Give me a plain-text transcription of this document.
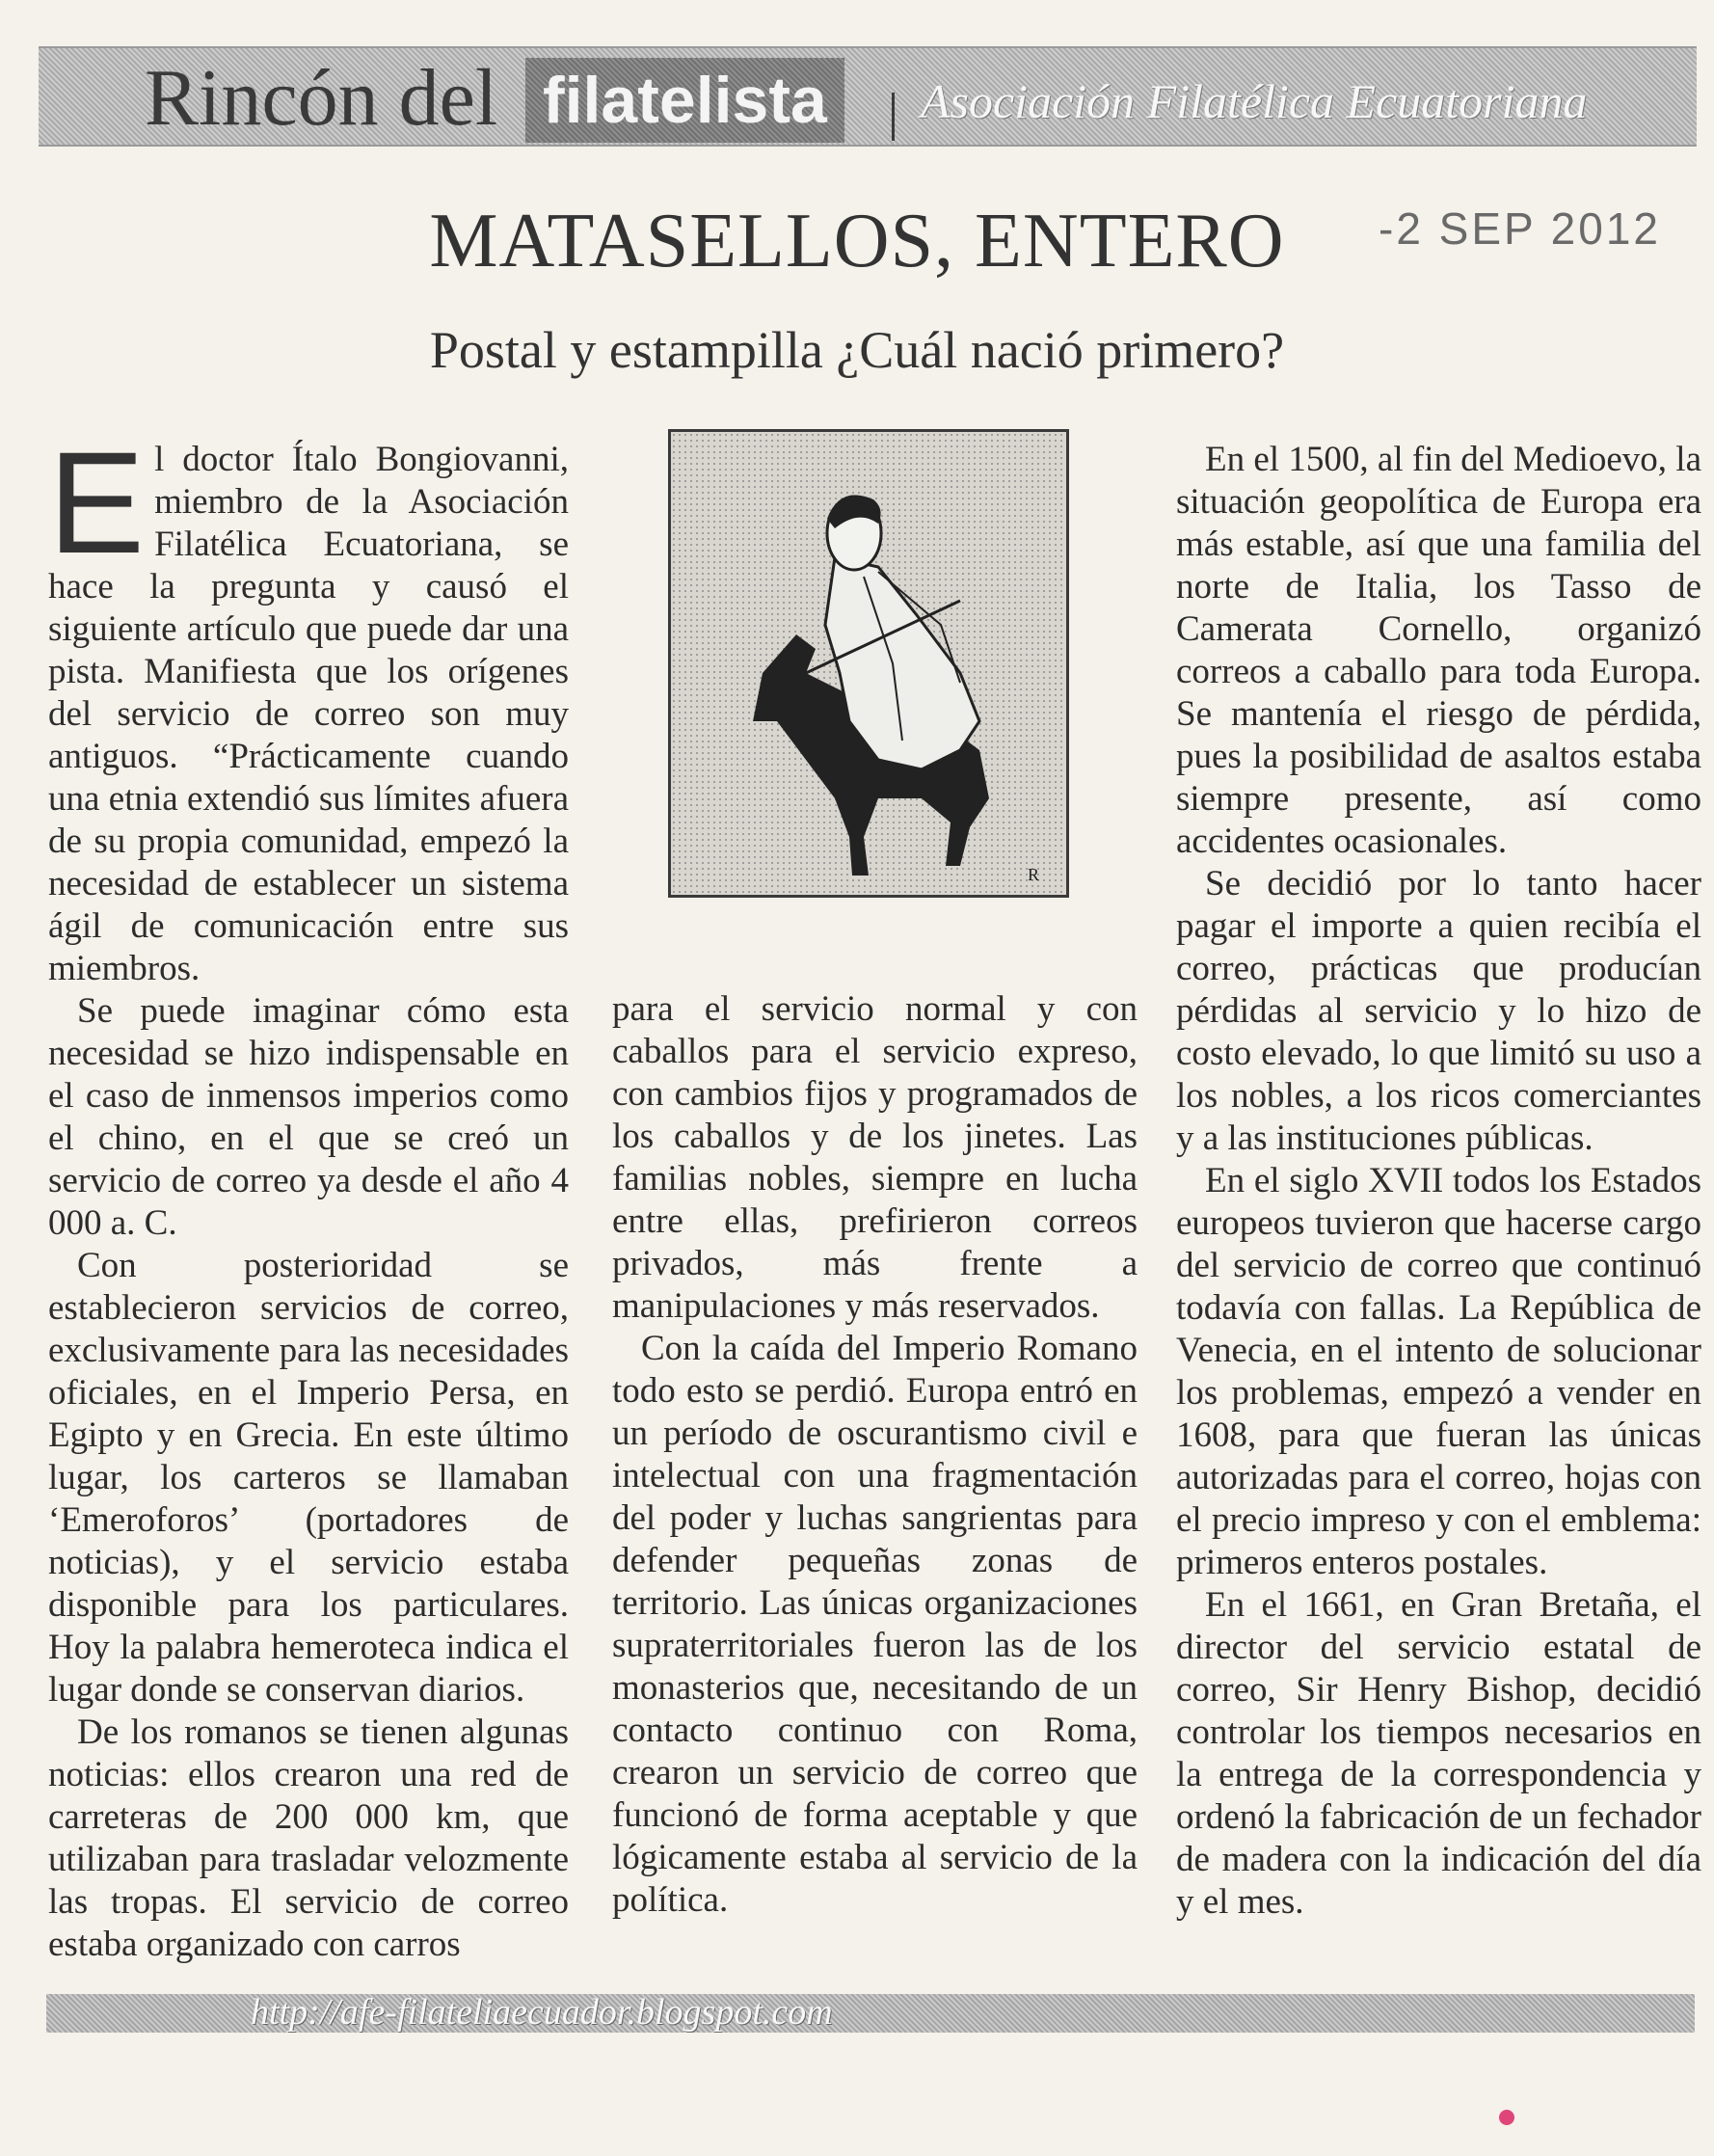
Rincón del filatelista	Asociación Filatélica Ecuatoriana
-2 SEP 2012
MATASELLOS, ENTERO
Postal y estampilla ¿Cuál nació primero?

El doctor Ítalo Bongiovanni, miembro de la Asociación Filatélica Ecuatoriana, se hace la pregunta y causó el siguiente artículo que puede dar una pista. Manifiesta que los orígenes del servicio de correo son muy antiguos. “Prácticamente cuando una etnia extendió sus límites afuera de su propia comunidad, empezó la necesidad de establecer un sistema ágil de comunicación entre sus miembros.

Se puede imaginar cómo esta necesidad se hizo indispensable en el caso de inmensos imperios como el chino, en el que se creó un servicio de correo ya desde el año 4 000 a. C.

Con posterioridad se establecieron servicios de correo, exclusivamente para las necesidades oficiales, en el Imperio Persa, en Egipto y en Grecia. En este último lugar, los carteros se llamaban ‘Emeroforos’ (portadores de noticias), y el servicio estaba disponible para los particulares. Hoy la palabra hemeroteca indica el lugar donde se conservan diarios.

De los romanos se tienen algunas noticias: ellos crearon una red de carreteras de 200 000 km, que utilizaban para trasladar velozmente las tropas. El servicio de correo estaba organizado con carros

R

para el servicio normal y con caballos para el servicio expreso, con cambios fijos y programados de los caballos y de los jinetes. Las familias nobles, siempre en lucha entre ellas, prefirieron correos privados, más frente a manipulaciones y más reservados.

Con la caída del Imperio Romano todo esto se perdió. Europa entró en un período de oscurantismo civil e intelectual con una fragmentación del poder y luchas sangrientas para defender pequeñas zonas de territorio. Las únicas organizaciones supraterritoriales fueron las de los monasterios que, necesitando de un contacto continuo con Roma, crearon un servicio de correo que funcionó de forma aceptable y que lógicamente estaba al servicio de la política.

En el 1500, al fin del Medioevo, la situación geopolítica de Europa era más estable, así que una familia del norte de Italia, los Tasso de Camerata Cornello, organizó correos a caballo para toda Europa. Se mantenía el riesgo de pérdida, pues la posibilidad de asaltos estaba siempre presente, así como accidentes ocasionales.

Se decidió por lo tanto hacer pagar el importe a quien recibía el correo, prácticas que producían pérdidas al servicio y lo hizo de costo elevado, lo que limitó su uso a los nobles, a los ricos comerciantes y a las instituciones públicas.

En el siglo XVII todos los Estados europeos tuvieron que hacerse cargo del servicio de correo que continuó todavía con fallas. La República de Venecia, en el intento de solucionar los problemas, empezó a vender en 1608, para que fueran las únicas autorizadas para el correo, hojas con el precio impreso y con el emblema: primeros enteros postales.

En el 1661, en Gran Bretaña, el director del servicio estatal de correo, Sir Henry Bishop, decidió controlar los tiempos necesarios en la entrega de la correspondencia y ordenó la fabricación de un fechador de madera con la indicación del día y el mes.

http://afe-filateliaecuador.blogspot.com
